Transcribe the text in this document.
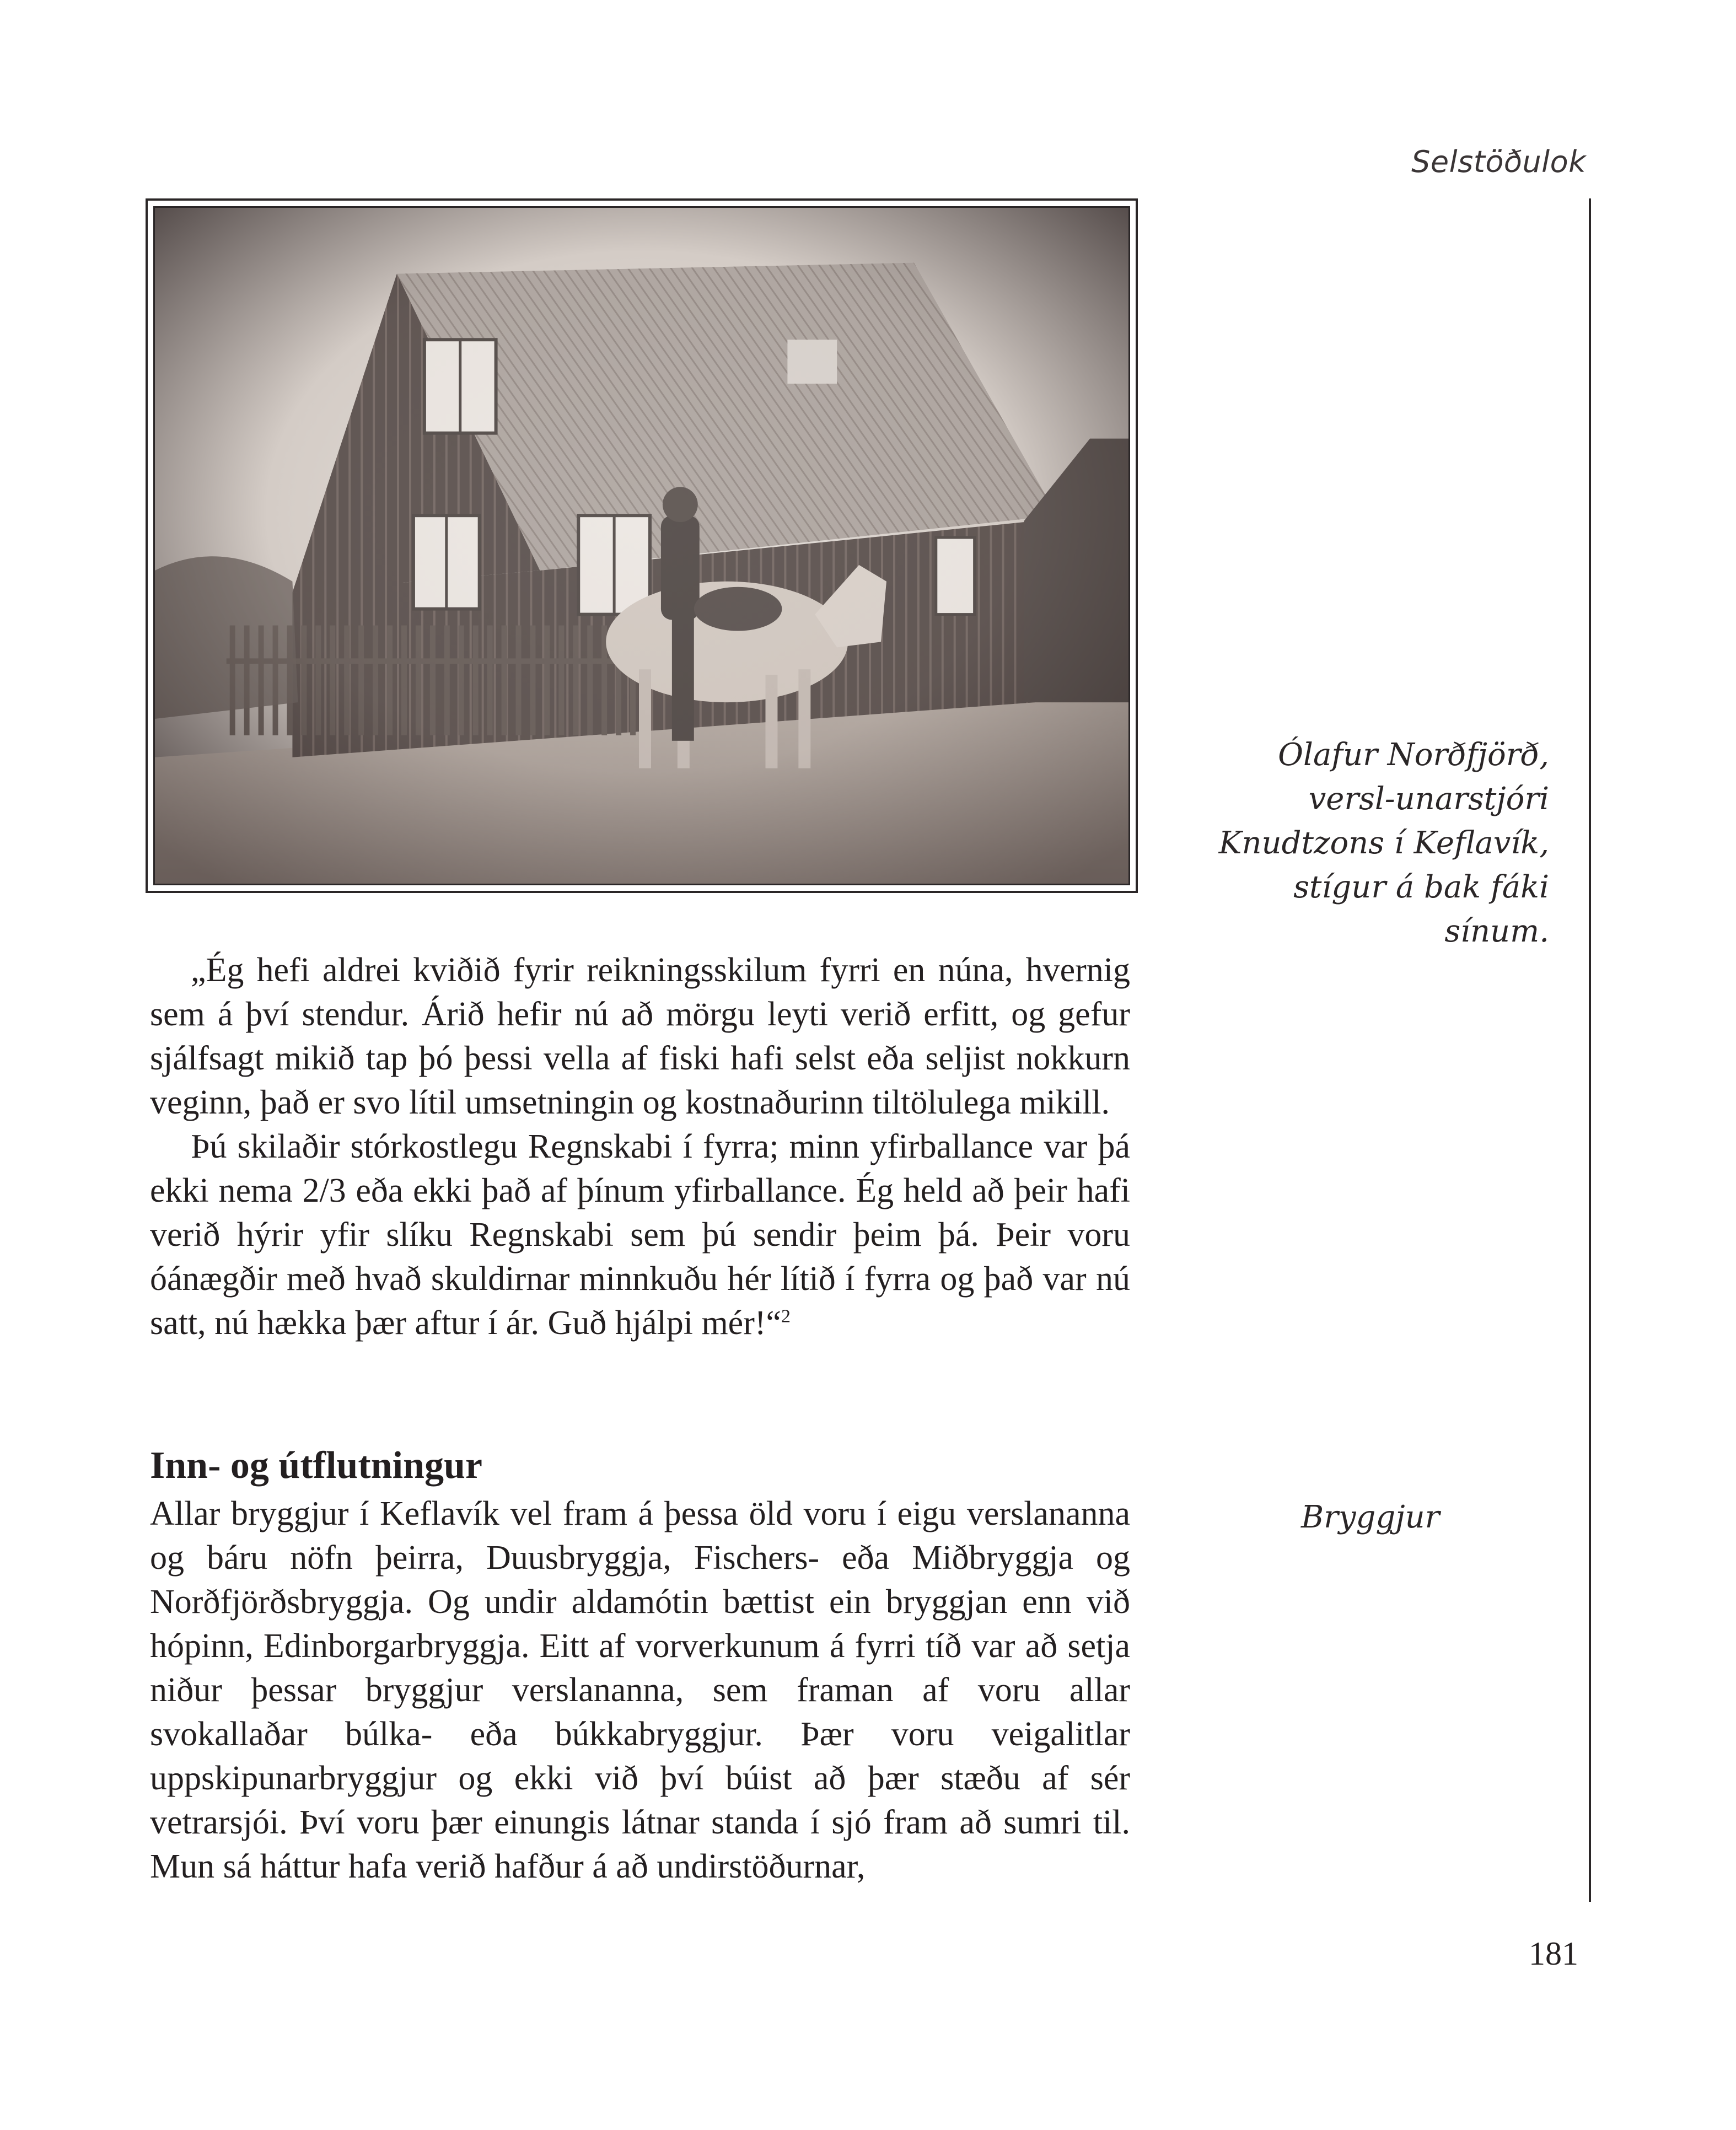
Selstöðulok
Ólafur Norðfjörð, versl-unarstjóri Knudtzons í Keflavík, stígur á bak fáki sínum.

„Ég hefi aldrei kviðið fyrir reikningsskilum fyrri en núna, hvernig sem á því stendur. Árið hefir nú að mörgu leyti verið erfitt, og gefur sjálfsagt mikið tap þó þessi vella af fiski hafi selst eða seljist nokkurn veginn, það er svo lítil umsetningin og kostnaðurinn tiltölulega mikill.

Þú skilaðir stórkostlegu Regnskabi í fyrra; minn yfirballance var þá ekki nema 2/3 eða ekki það af þínum yfirballance. Ég held að þeir hafi verið hýrir yfir slíku Regnskabi sem þú sendir þeim þá. Þeir voru óánægðir með hvað skuldirnar minnkuðu hér lítið í fyrra og það var nú satt, nú hækka þær aftur í ár. Guð hjálpi mér!“$^2$

Inn- og útflutningur
Bryggjur

Allar bryggjur í Keflavík vel fram á þessa öld voru í eigu verslananna og báru nöfn þeirra, Duusbryggja, Fischers- eða Miðbryggja og Norðfjörðsbryggja. Og undir aldamótin bættist ein bryggjan enn við hópinn, Edinborgarbryggja. Eitt af vorverkunum á fyrri tíð var að setja niður þessar bryggjur verslananna, sem framan af voru allar svokallaðar búlka- eða búkkabryggjur. Þær voru veigalitlar uppskipunarbryggjur og ekki við því búist að þær stæðu af sér vetrarsjói. Því voru þær einungis látnar standa í sjó fram að sumri til. Mun sá háttur hafa verið hafður á að undirstöðurnar,

181
